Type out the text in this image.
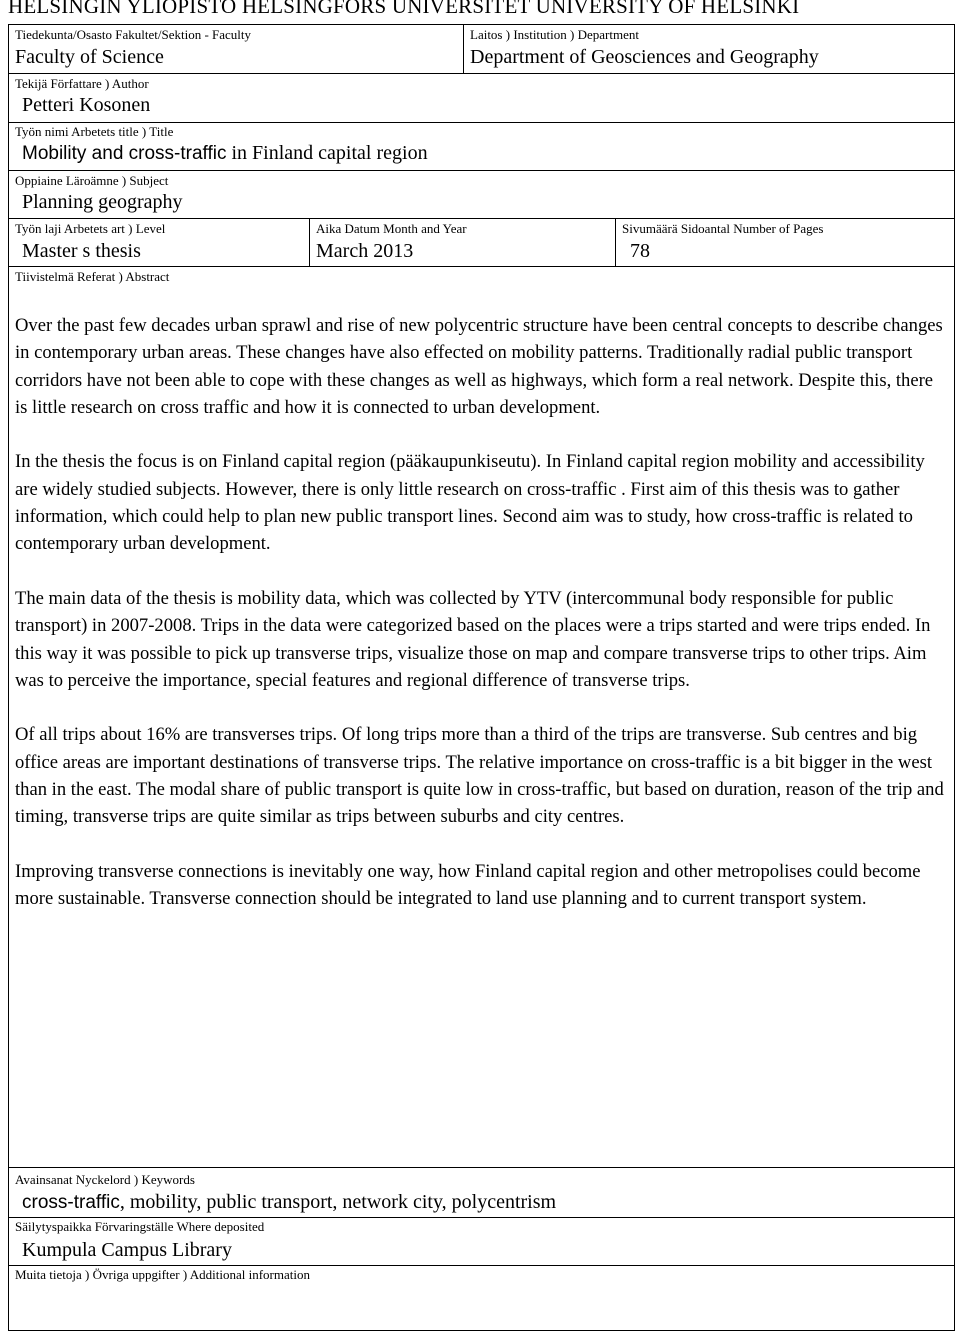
HELSINGIN YLIOPISTO HELSINGFORS UNIVERSITET UNIVERSITY OF HELSINKI
Tiedekunta/Osasto Fakultet/Sektion - Faculty
Faculty of Science
Laitos ) Institution ) Department
Department of Geosciences and Geography
Tekijä Författare ) Author
Petteri Kosonen
Työn nimi Arbetets title ) Title
Mobility and cross-traffic in Finland capital region
Oppiaine Läroämne ) Subject
Planning geography
Työn laji Arbetets art ) Level
Master s thesis
Aika Datum Month and Year
March 2013
Sivumäärä Sidoantal Number of Pages
78
Tiivistelmä Referat ) Abstract

Over the past few decades urban sprawl and rise of new polycentric structure have been central concepts to describe changes in contemporary urban areas. These changes have also effected on mobility patterns. Traditionally radial public transport corridors have not been able to cope with these changes as well as highways, which form a real network. Despite this, there is little research on cross traffic and how it is connected to urban development.

In the thesis the focus is on Finland capital region (pääkaupunkiseutu). In Finland capital region mobility and accessibility are widely studied subjects. However, there is only little research on cross-traffic . First aim of this thesis was to gather information, which could help to plan new public transport lines. Second aim was to study, how cross-traffic is related to contemporary urban development.

The main data of the thesis is mobility data, which was collected by YTV (intercommunal body responsible for public transport) in 2007-2008. Trips in the data were categorized based on the places were a trips started and were trips ended. In this way it was possible to pick up transverse trips, visualize those on map and compare transverse trips to other trips. Aim was to perceive the importance, special features and regional difference of transverse trips.

Of all trips about 16% are transverses trips. Of long trips more than a third of the trips are transverse. Sub centres and big office areas are important destinations of transverse trips. The relative importance on cross-traffic is a bit bigger in the west than in the east. The modal share of public transport is quite low in cross-traffic, but based on duration, reason of the trip and timing, transverse trips are quite similar as trips between suburbs and city centres.

Improving transverse connections is inevitably one way, how Finland capital region and other metropolises could become more sustainable. Transverse connection should be integrated to land use planning and to current transport system.

Avainsanat Nyckelord ) Keywords
cross-traffic, mobility, public transport, network city, polycentrism
Säilytyspaikka Förvaringställe Where deposited
Kumpula Campus Library
Muita tietoja ) Övriga uppgifter ) Additional information
